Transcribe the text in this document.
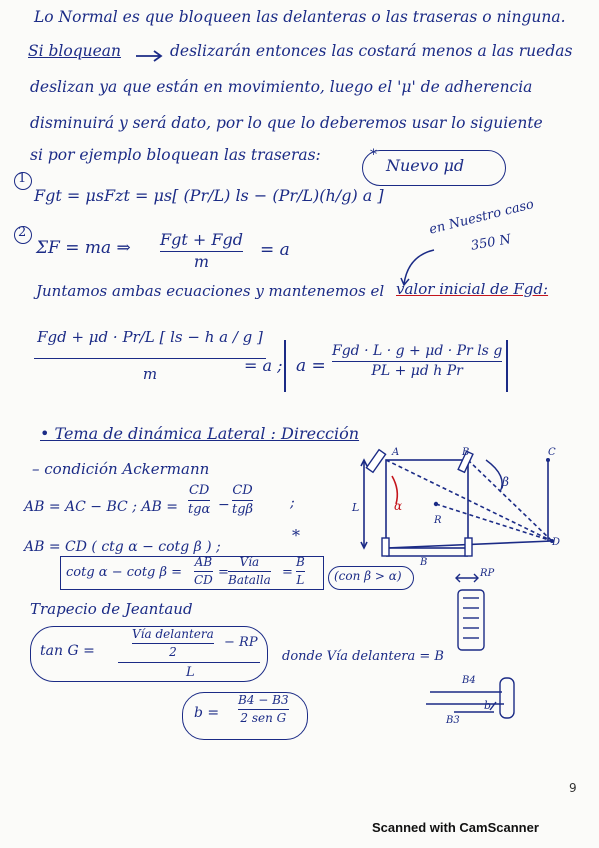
Lo Normal es que bloqueen las delanteras o las traseras o ninguna.
Si bloquean	deslizarán entonces las costará menos a las ruedas
deslizan ya que están en movimiento, luego el 'μ' de adherencia
disminuirá y será dato, por lo que lo deberemos usar lo siguiente
si por ejemplo bloquean las traseras:	*
Nuevo μd
1
Fgt = μsFzt = μs[ (Pr/L) ls − (Pr/L)(h/g) a ]
2
ΣF = ma ⇒ Fgt + Fgd
m
= a
en Nuestro caso
350 N
Juntamos ambas ecuaciones y mantenemos el valor inicial de Fgd:
Fgd + μd · Pr/L [ ls − h a / g ]
m	= a ; a =
Fgd · L · g + μd · Pr ls g
PL + μd h Pr
• Tema de dinámica Lateral : Dirección
– condición Ackermann
AB = AC − BC ; AB =
CD
tgα −
CD
tgβ	;
AB = CD ( ctg α − cotg β ) ;
*
cotg α − cotg β =
AB
CD =
Vía
Batalla =
B
L (con β > α)
A	B	C
D
L
β
α
R
B
Trapecio de Jeantaud
tan G =
Vía delantera
2
− RP
L
donde Vía delantera = B
b =
B4 − B3
2 sen G
RP
B4
B3
b
9
Scanned with CamScanner
